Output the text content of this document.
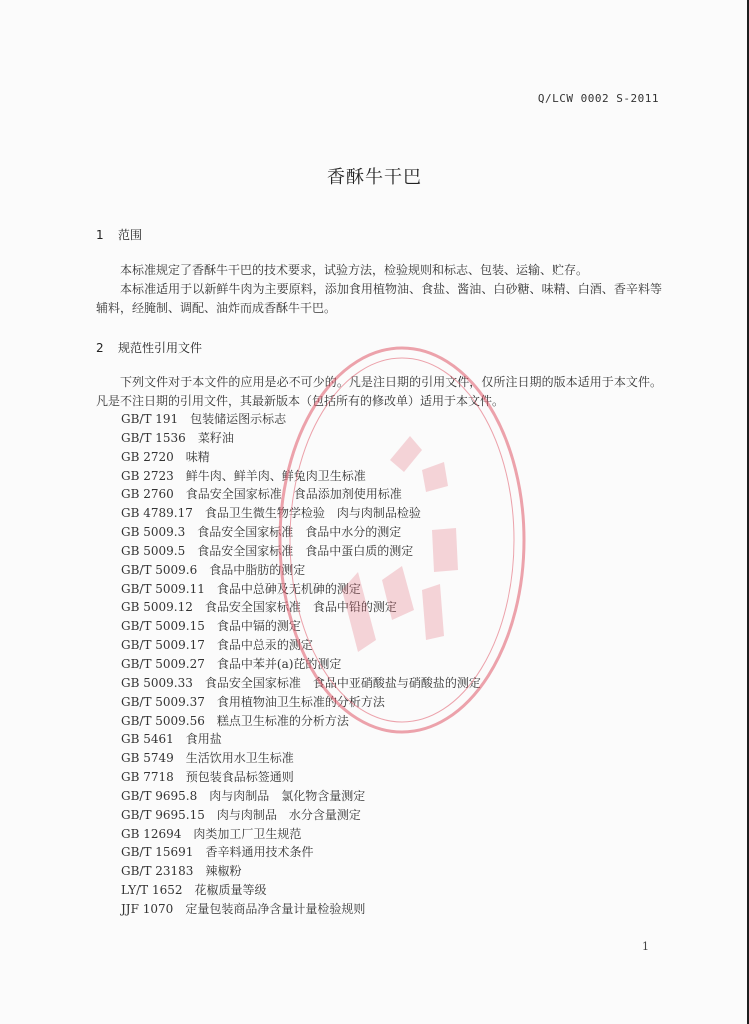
Q/LCW 0002 S-2011
香酥牛干巴
1 范围
本标准规定了香酥牛干巴的技术要求，试验方法，检验规则和标志、包装、运输、贮存。
本标准适用于以新鲜牛肉为主要原料，添加食用植物油、食盐、酱油、白砂糖、味精、白酒、香辛料等辅料，经腌制、调配、油炸而成香酥牛干巴。
2 规范性引用文件
下列文件对于本文件的应用是必不可少的。凡是注日期的引用文件，仅所注日期的版本适用于本文件。凡是不注日期的引用文件，其最新版本（包括所有的修改单）适用于本文件。
GB/T 191 包装储运图示标志
GB/T 1536 菜籽油
GB 2720 味精
GB 2723 鲜牛肉、鲜羊肉、鲜兔肉卫生标准
GB 2760 食品安全国家标准　食品添加剂使用标准
GB 4789.17 食品卫生微生物学检验　肉与肉制品检验
GB 5009.3 食品安全国家标准　食品中水分的测定
GB 5009.5 食品安全国家标准　食品中蛋白质的测定
GB/T 5009.6 食品中脂肪的测定
GB/T 5009.11 食品中总砷及无机砷的测定
GB 5009.12 食品安全国家标准　食品中铅的测定
GB/T 5009.15 食品中镉的测定
GB/T 5009.17 食品中总汞的测定
GB/T 5009.27 食品中苯并(a)芘的测定
GB 5009.33 食品安全国家标准　食品中亚硝酸盐与硝酸盐的测定
GB/T 5009.37 食用植物油卫生标准的分析方法
GB/T 5009.56 糕点卫生标准的分析方法
GB 5461 食用盐
GB 5749 生活饮用水卫生标准
GB 7718 预包装食品标签通则
GB/T 9695.8 肉与肉制品　氯化物含量测定
GB/T 9695.15 肉与肉制品　水分含量测定
GB 12694 肉类加工厂卫生规范
GB/T 15691 香辛料通用技术条件
GB/T 23183 辣椒粉
LY/T 1652 花椒质量等级
JJF 1070 定量包装商品净含量计量检验规则
1
